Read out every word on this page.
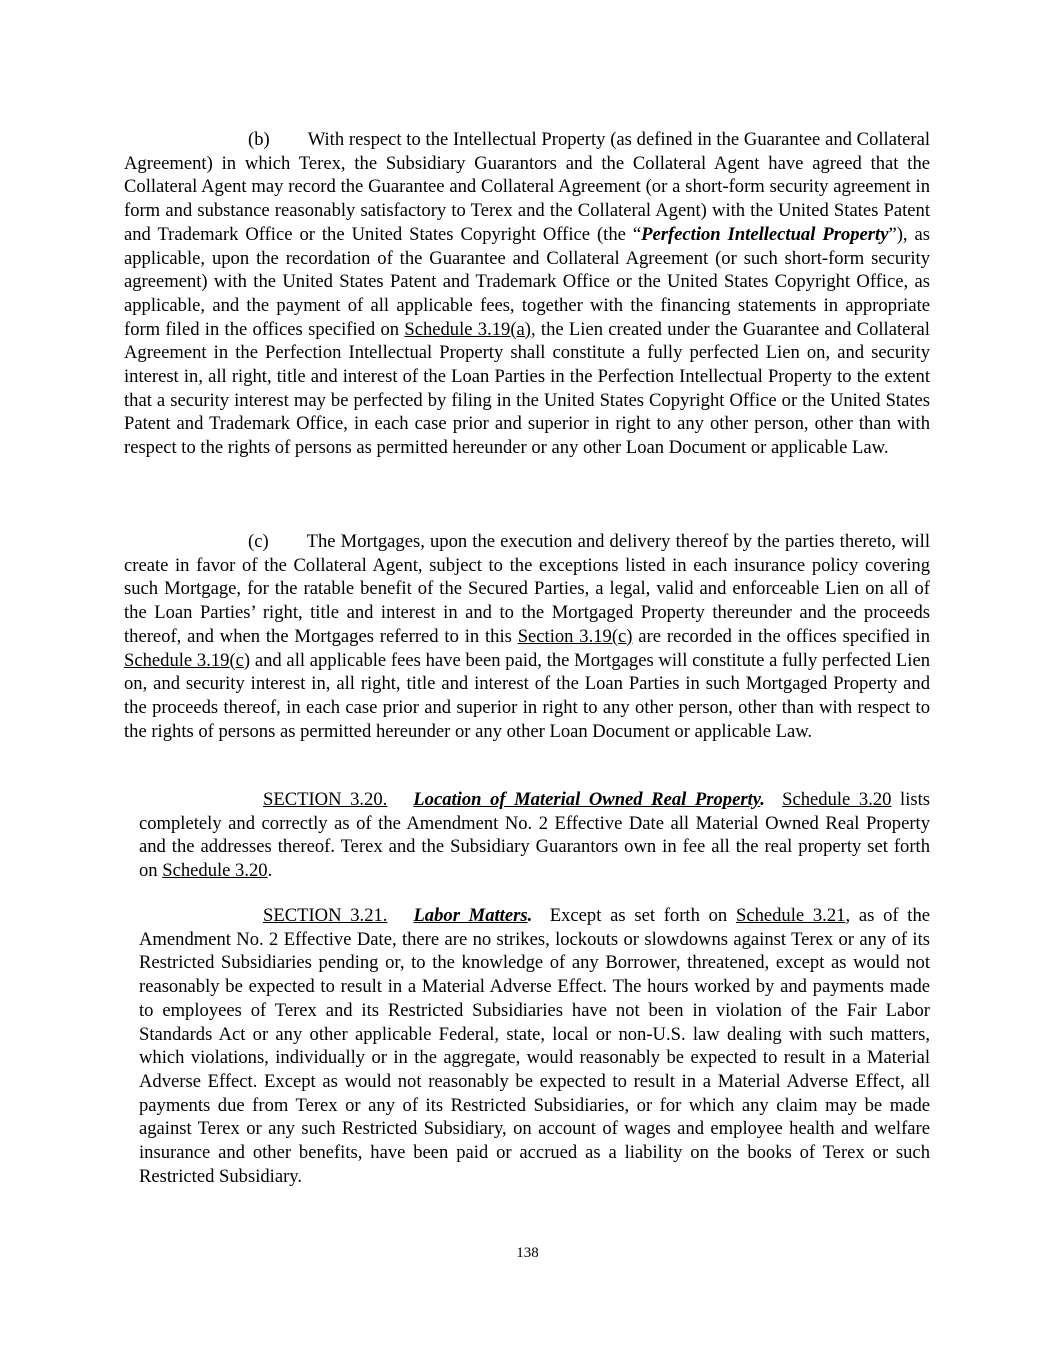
(b) With respect to the Intellectual Property (as defined in the Guarantee and Collateral Agreement) in which Terex, the Subsidiary Guarantors and the Collateral Agent have agreed that the Collateral Agent may record the Guarantee and Collateral Agreement (or a short-form security agreement in form and substance reasonably satisfactory to Terex and the Collateral Agent) with the United States Patent and Trademark Office or the United States Copyright Office (the “Perfection Intellectual Property”), as applicable, upon the recordation of the Guarantee and Collateral Agreement (or such short-form security agreement) with the United States Patent and Trademark Office or the United States Copyright Office, as applicable, and the payment of all applicable fees, together with the financing statements in appropriate form filed in the offices specified on Schedule 3.19(a), the Lien created under the Guarantee and Collateral Agreement in the Perfection Intellectual Property shall constitute a fully perfected Lien on, and security interest in, all right, title and interest of the Loan Parties in the Perfection Intellectual Property to the extent that a security interest may be perfected by filing in the United States Copyright Office or the United States Patent and Trademark Office, in each case prior and superior in right to any other person, other than with respect to the rights of persons as permitted hereunder or any other Loan Document or applicable Law.

(c) The Mortgages, upon the execution and delivery thereof by the parties thereto, will create in favor of the Collateral Agent, subject to the exceptions listed in each insurance policy covering such Mortgage, for the ratable benefit of the Secured Parties, a legal, valid and enforceable Lien on all of the Loan Parties’ right, title and interest in and to the Mortgaged Property thereunder and the proceeds thereof, and when the Mortgages referred to in this Section 3.19(c) are recorded in the offices specified in Schedule 3.19(c) and all applicable fees have been paid, the Mortgages will constitute a fully perfected Lien on, and security interest in, all right, title and interest of the Loan Parties in such Mortgaged Property and the proceeds thereof, in each case prior and superior in right to any other person, other than with respect to the rights of persons as permitted hereunder or any other Loan Document or applicable Law.

SECTION 3.20. Location of Material Owned Real Property. Schedule 3.20 lists completely and correctly as of the Amendment No. 2 Effective Date all Material Owned Real Property and the addresses thereof. Terex and the Subsidiary Guarantors own in fee all the real property set forth on Schedule 3.20.

SECTION 3.21. Labor Matters. Except as set forth on Schedule 3.21, as of the Amendment No. 2 Effective Date, there are no strikes, lockouts or slowdowns against Terex or any of its Restricted Subsidiaries pending or, to the knowledge of any Borrower, threatened, except as would not reasonably be expected to result in a Material Adverse Effect. The hours worked by and payments made to employees of Terex and its Restricted Subsidiaries have not been in violation of the Fair Labor Standards Act or any other applicable Federal, state, local or non-U.S. law dealing with such matters, which violations, individually or in the aggregate, would reasonably be expected to result in a Material Adverse Effect. Except as would not reasonably be expected to result in a Material Adverse Effect, all payments due from Terex or any of its Restricted Subsidiaries, or for which any claim may be made against Terex or any such Restricted Subsidiary, on account of wages and employee health and welfare insurance and other benefits, have been paid or accrued as a liability on the books of Terex or such Restricted Subsidiary.

138
